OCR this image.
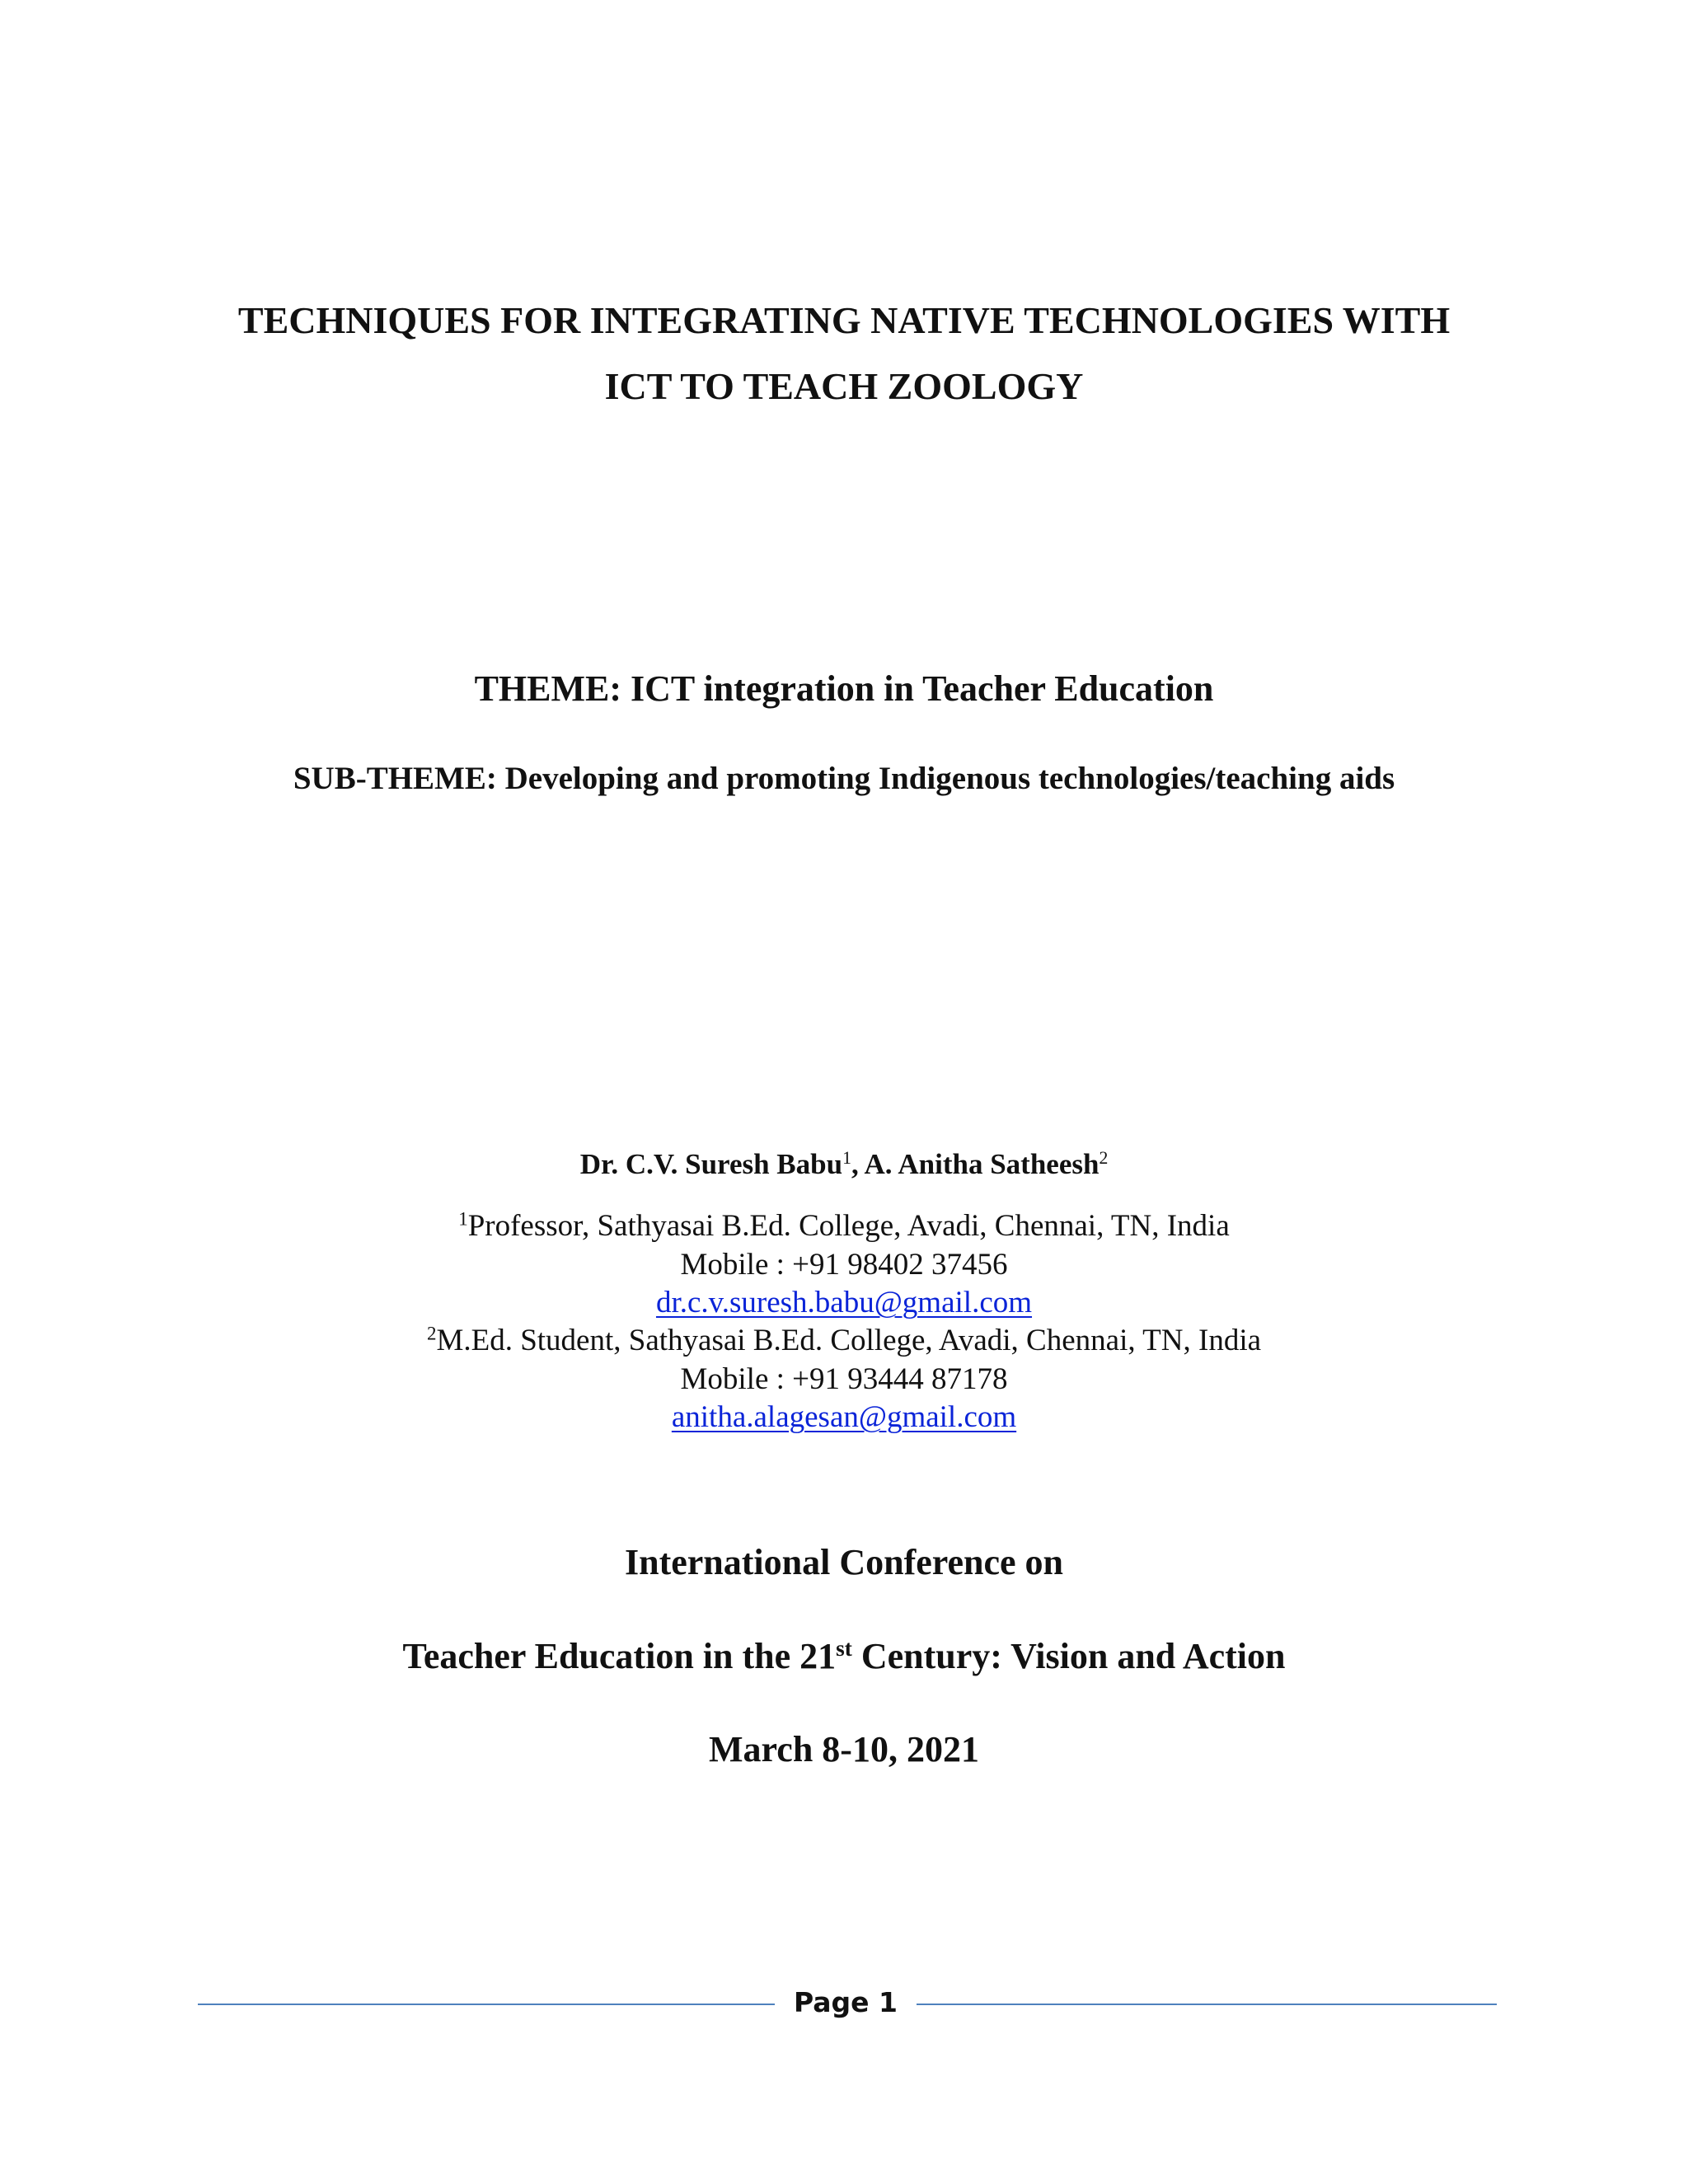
TECHNIQUES FOR INTEGRATING NATIVE TECHNOLOGIES WITH
ICT TO TEACH ZOOLOGY
THEME: ICT integration in Teacher Education
SUB-THEME: Developing and promoting Indigenous technologies/teaching aids
Dr. C.V. Suresh Babu$^1$, A. Anitha Satheesh$^2$
$^1$Professor, Sathyasai B.Ed. College, Avadi, Chennai, TN, India
Mobile : +91 98402 37456
dr.c.v.suresh.babu@gmail.com
$^2$M.Ed. Student, Sathyasai B.Ed. College, Avadi, Chennai, TN, India
Mobile : +91 93444 87178
anitha.alagesan@gmail.com
International Conference on
Teacher Education in the 21st Century: Vision and Action
March 8-10, 2021
Page 1
